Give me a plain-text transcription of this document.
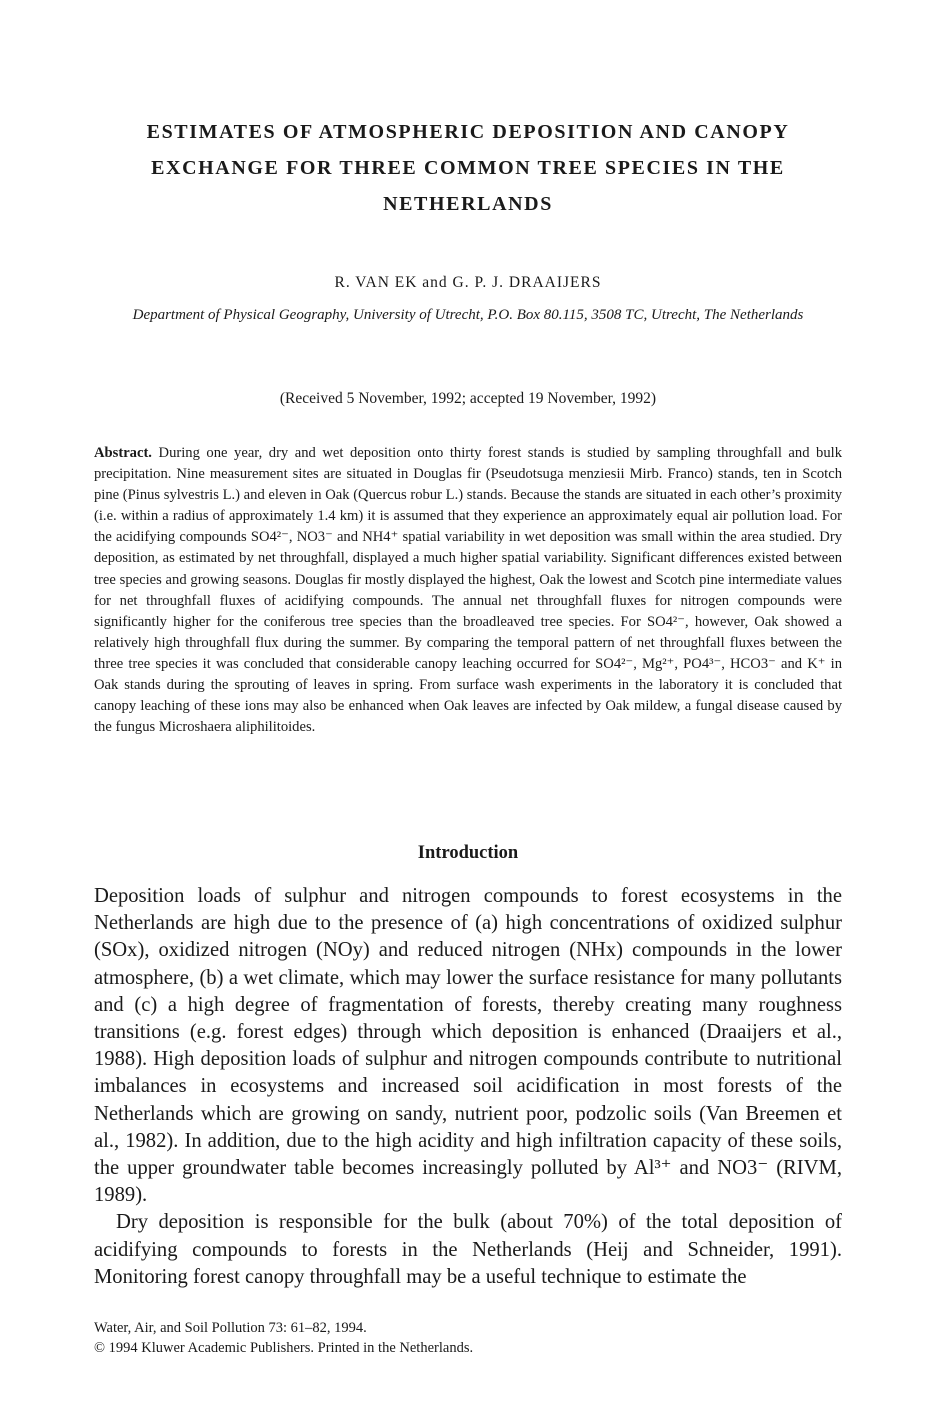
ESTIMATES OF ATMOSPHERIC DEPOSITION AND CANOPY EXCHANGE FOR THREE COMMON TREE SPECIES IN THE NETHERLANDS
R. VAN EK and G. P. J. DRAAIJERS
Department of Physical Geography, University of Utrecht, P.O. Box 80.115, 3508 TC, Utrecht, The Netherlands
(Received 5 November, 1992; accepted 19 November, 1992)
Abstract. During one year, dry and wet deposition onto thirty forest stands is studied by sampling throughfall and bulk precipitation. Nine measurement sites are situated in Douglas fir (Pseudotsuga menziesii Mirb. Franco) stands, ten in Scotch pine (Pinus sylvestris L.) and eleven in Oak (Quercus robur L.) stands. Because the stands are situated in each other’s proximity (i.e. within a radius of approximately 1.4 km) it is assumed that they experience an approximately equal air pollution load. For the acidifying compounds SO4²⁻, NO3⁻ and NH4⁺ spatial variability in wet deposition was small within the area studied. Dry deposition, as estimated by net throughfall, displayed a much higher spatial variability. Significant differences existed between tree species and growing seasons. Douglas fir mostly displayed the highest, Oak the lowest and Scotch pine intermediate values for net throughfall fluxes of acidifying compounds. The annual net throughfall fluxes for nitrogen compounds were significantly higher for the coniferous tree species than the broadleaved tree species. For SO4²⁻, however, Oak showed a relatively high throughfall flux during the summer. By comparing the temporal pattern of net throughfall fluxes between the three tree species it was concluded that considerable canopy leaching occurred for SO4²⁻, Mg²⁺, PO4³⁻, HCO3⁻ and K⁺ in Oak stands during the sprouting of leaves in spring. From surface wash experiments in the laboratory it is concluded that canopy leaching of these ions may also be enhanced when Oak leaves are infected by Oak mildew, a fungal disease caused by the fungus Microshaera aliphilitoides.
Introduction

Deposition loads of sulphur and nitrogen compounds to forest ecosystems in the Netherlands are high due to the presence of (a) high concentrations of oxidized sulphur (SOx), oxidized nitrogen (NOy) and reduced nitrogen (NHx) compounds in the lower atmosphere, (b) a wet climate, which may lower the surface resistance for many pollutants and (c) a high degree of fragmentation of forests, thereby creating many roughness transitions (e.g. forest edges) through which deposition is enhanced (Draaijers et al., 1988). High deposition loads of sulphur and nitrogen compounds contribute to nutritional imbalances in ecosystems and increased soil acidification in most forests of the Netherlands which are growing on sandy, nutrient poor, podzolic soils (Van Breemen et al., 1982). In addition, due to the high acidity and high infiltration capacity of these soils, the upper groundwater table becomes increasingly polluted by Al³⁺ and NO3⁻ (RIVM, 1989).

Dry deposition is responsible for the bulk (about 70%) of the total deposition of acidifying compounds to forests in the Netherlands (Heij and Schneider, 1991). Monitoring forest canopy throughfall may be a useful technique to estimate the

Water, Air, and Soil Pollution 73: 61–82, 1994.
© 1994 Kluwer Academic Publishers. Printed in the Netherlands.
